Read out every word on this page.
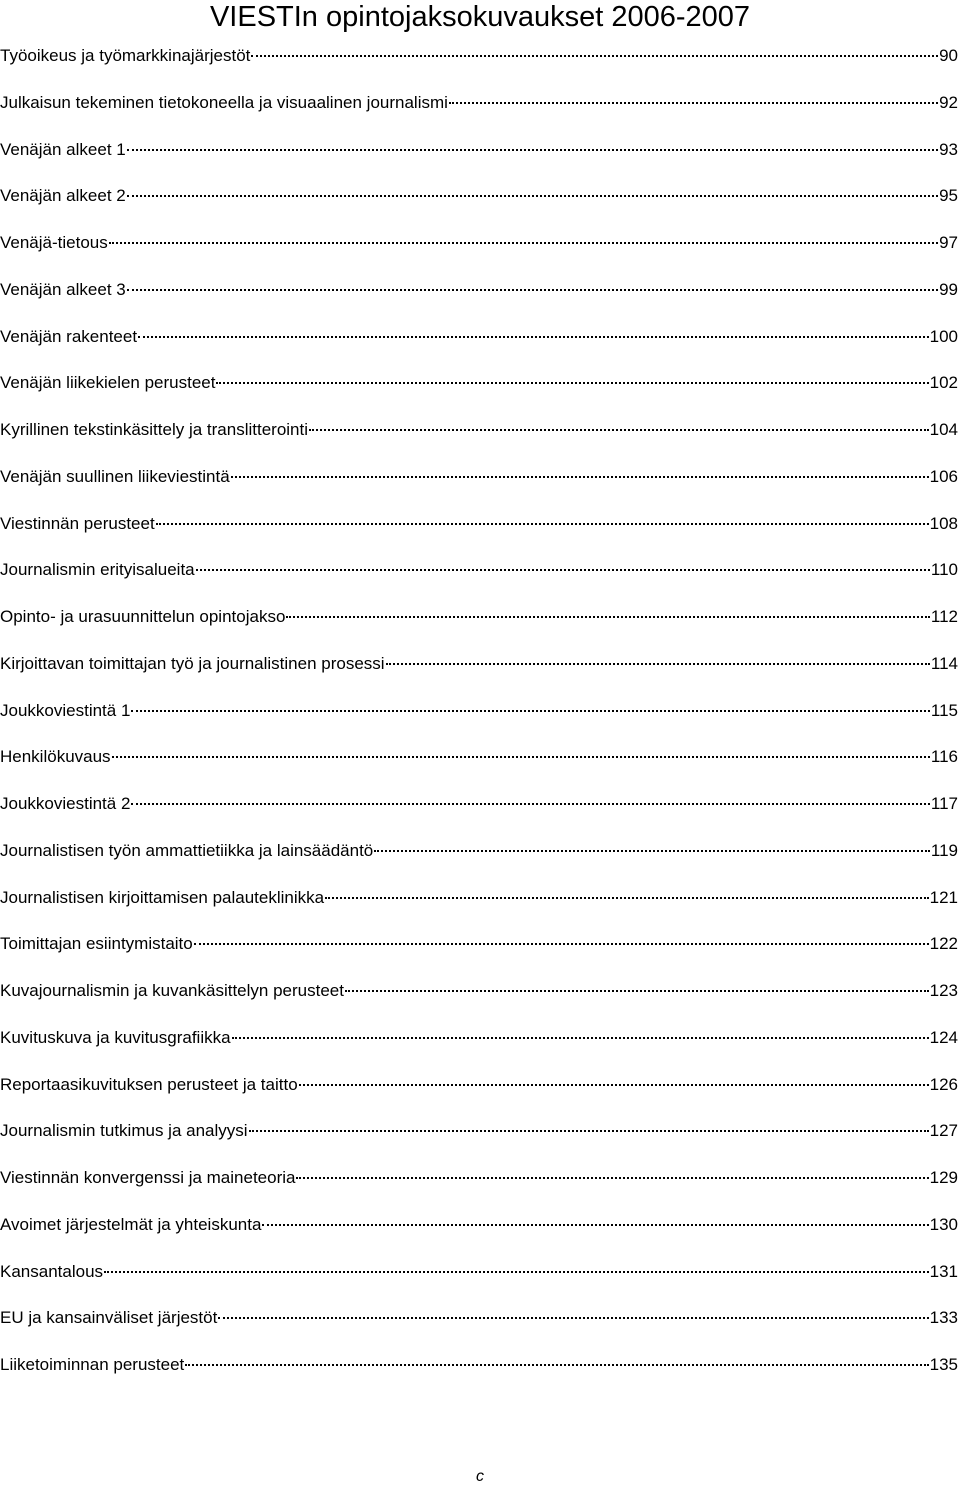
VIESTIn opintojaksokuvaukset 2006-2007
Työoikeus ja työmarkkinajärjestöt	90
Julkaisun tekeminen tietokoneella ja visuaalinen journalismi	92
Venäjän alkeet 1	93
Venäjän alkeet 2	95
Venäjä-tietous	97
Venäjän alkeet 3	99
Venäjän rakenteet	100
Venäjän liikekielen perusteet	102
Kyrillinen tekstinkäsittely ja translitterointi	104
Venäjän suullinen liikeviestintä	106
Viestinnän perusteet	108
Journalismin erityisalueita	110
Opinto- ja urasuunnittelun opintojakso	112
Kirjoittavan toimittajan työ ja journalistinen prosessi	114
Joukkoviestintä 1	115
Henkilökuvaus	116
Joukkoviestintä 2	117
Journalistisen työn ammattietiikka ja lainsäädäntö	119
Journalistisen kirjoittamisen palauteklinikka	121
Toimittajan esiintymistaito	122
Kuvajournalismin ja kuvankäsittelyn perusteet	123
Kuvituskuva ja kuvitusgrafiikka	124
Reportaasikuvituksen perusteet ja taitto	126
Journalismin tutkimus ja analyysi	127
Viestinnän konvergenssi ja maineteoria	129
Avoimet järjestelmät ja yhteiskunta	130
Kansantalous	131
EU ja kansainväliset järjestöt	133
Liiketoiminnan perusteet	135
c
